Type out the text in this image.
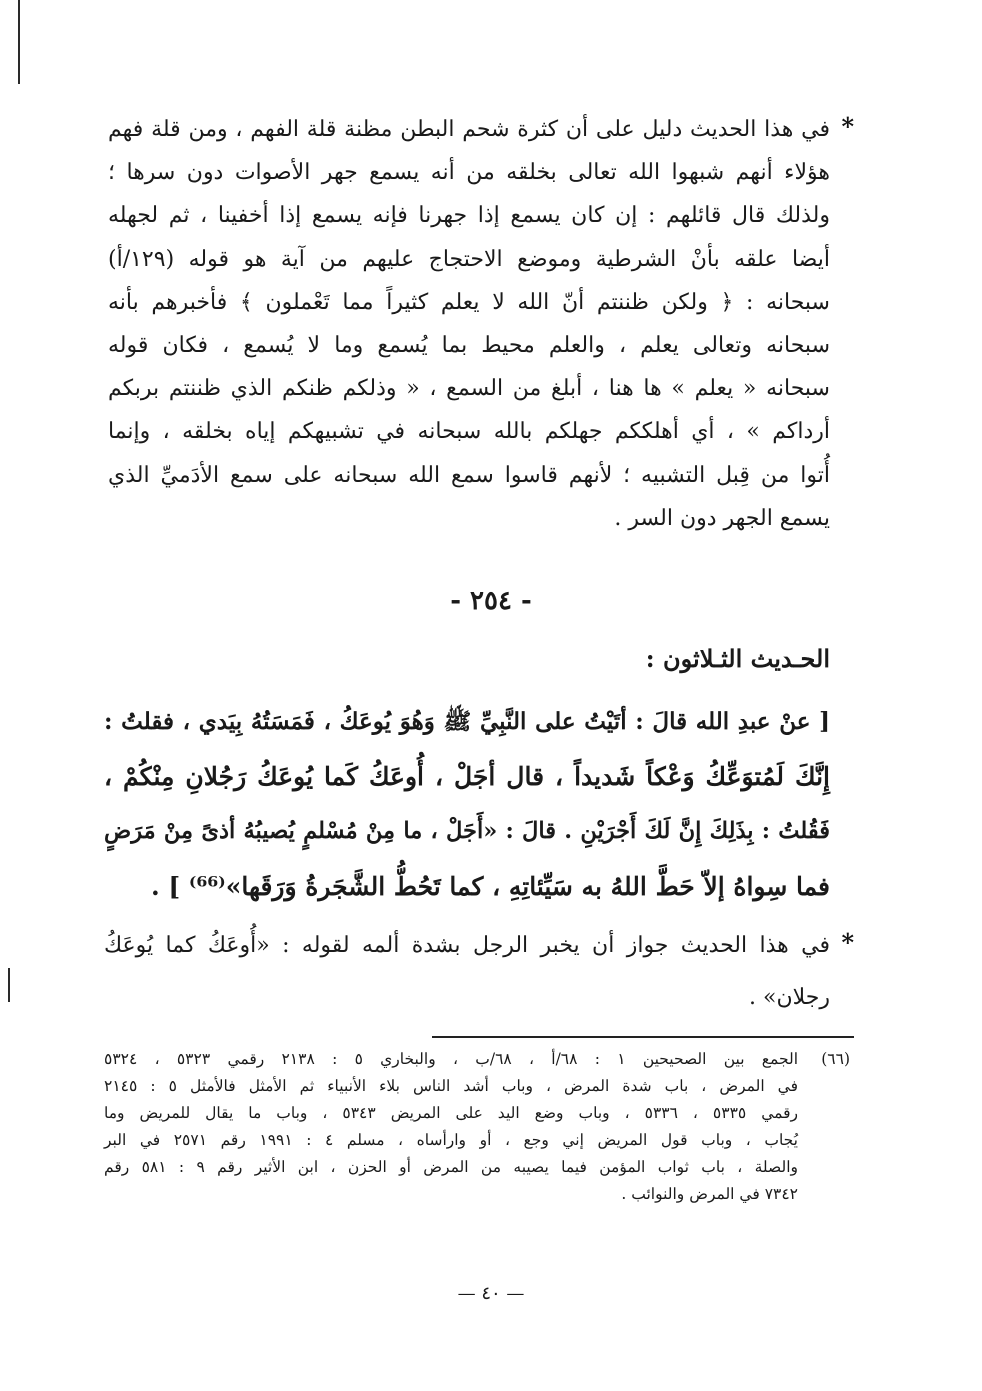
*
في هذا الحديث دليل على أن كثرة شحم البطن مظنة قلة الفهم ، ومن قلة فهم
هؤلاء أنهم شبهوا الله تعالى بخلقه من أنه يسمع جهر الأصوات دون سرها ؛
ولذلك قال قائلهم : إن كان يسمع إذا جهرنا فإنه يسمع إذا أخفينا ، ثم لجهله
أيضا علقه بأنْ الشرطية وموضع الاحتجاج عليهم من آية هو قوله (١٢٩/أ)
سبحانه : ﴿ ولكن ظننتم أنّ الله لا يعلم كثيراً مما تَعْملون ﴾ فأخبرهم بأنه
سبحانه وتعالى يعلم ، والعلم محيط بما يُسمع وما لا يُسمع ، فكان قوله
سبحانه « يعلم » ها هنا ، أبلغ من السمع ، « وذلكم ظنكم الذي ظننتم بربكم
أرداكم » ، أي أهلككم جهلكم بالله سبحانه في تشبيهكم إياه بخلقه ، وإنما
أُتوا من قِبل التشبيه ؛ لأنهم قاسوا سمع الله سبحانه على سمع الأدَميِّ الذي
يسمع الجهر دون السر .
- ٢٥٤ -
الحـديث الثـلاثون :
[ عنْ عبدِ الله قالَ : أتَيْتُ على النَّبِيِّ ﷺ وَهُوَ يُوعَكُ ، فَمَسَتُهُ بِيَدي ، فقلتُ :
إِنَّكَ لَمُتوَعِّكُ وَعْكاً شَديداً ، قال أجَلْ ، أُوعَكُ كَما يُوعَكُ رَجُلانِ مِنْكُمْ ،
فَقُلتُ : بِذَلِكَ إِنَّ لَكَ أَجْرَيْنِ . قالَ : «أَجَلْ ، ما مِنْ مُسْلمٍ يُصيبُهُ أذىً مِنْ مَرَضٍ
فما سِواهُ إلاّ حَطَّ اللهُ به سَيِّئاتِهِ ، كما تَحُطُّ الشَّجَرةُ وَرَقَها»⁽⁶⁶⁾ ] .
*
في هذا الحديث جواز أن يخبر الرجل بشدة ألمه لقوله : «أُوعَكُ كما يُوعَكُ
رجلان» .
(٦٦)
الجمع بين الصحيحين ١ : ٦٨/أ ، ٦٨/ب ، والبخاري ٥ : ٢١٣٨ رقمي ٥٣٢٣ ، ٥٣٢٤
في المرض ، باب شدة المرض ، وباب أشد الناس بلاء الأنبياء ثم الأمثل فالأمثل ٥ : ٢١٤٥
رقمي ٥٣٣٥ ، ٥٣٣٦ ، وباب وضع اليد على المريض ٥٣٤٣ ، وباب ما يقال للمريض وما
يُجاب ، وباب قول المريض إني وجع ، أو وارأساه ، مسلم ٤ : ١٩٩١ رقم ٢٥٧١ في البر
والصلة ، باب ثواب المؤمن فيما يصيبه من المرض أو الحزن ، ابن الأثير رقم ٩ : ٥٨١ رقم
٧٣٤٢ في المرض والنوائب .
— ٤٠ —
